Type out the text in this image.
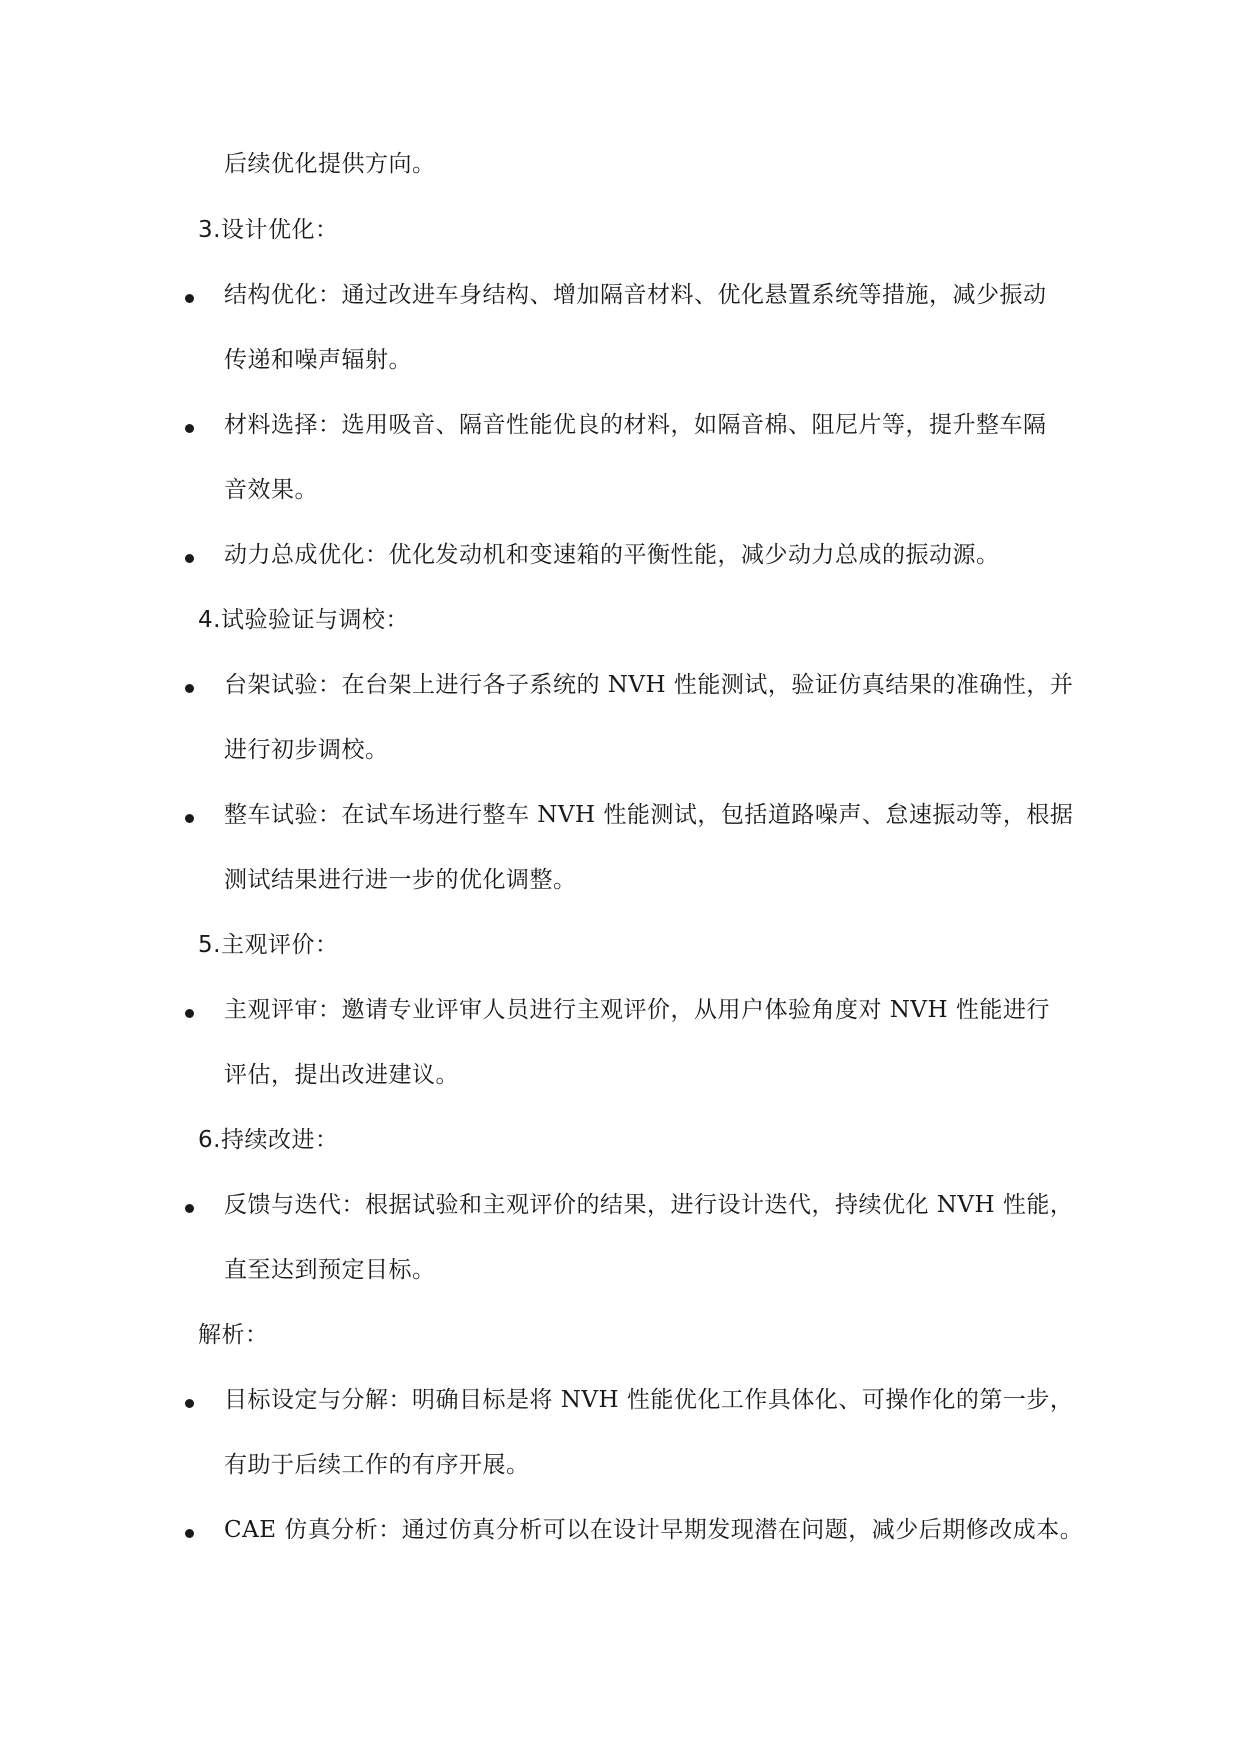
后续优化提供方向。
3.设计优化：
结构优化：通过改进车身结构、增加隔音材料、优化悬置系统等措施，减少振动
传递和噪声辐射。
材料选择：选用吸音、隔音性能优良的材料，如隔音棉、阻尼片等，提升整车隔
音效果。
动力总成优化：优化发动机和变速箱的平衡性能，减少动力总成的振动源。
4.试验验证与调校：
台架试验：在台架上进行各子系统的 NVH 性能测试，验证仿真结果的准确性，并
进行初步调校。
整车试验：在试车场进行整车 NVH 性能测试，包括道路噪声、怠速振动等，根据
测试结果进行进一步的优化调整。
5.主观评价：
主观评审：邀请专业评审人员进行主观评价，从用户体验角度对 NVH 性能进行
评估，提出改进建议。
6.持续改进：
反馈与迭代：根据试验和主观评价的结果，进行设计迭代，持续优化 NVH 性能，
直至达到预定目标。
解析：
目标设定与分解：明确目标是将 NVH 性能优化工作具体化、可操作化的第一步，
有助于后续工作的有序开展。
CAE 仿真分析：通过仿真分析可以在设计早期发现潜在问题，减少后期修改成本。
